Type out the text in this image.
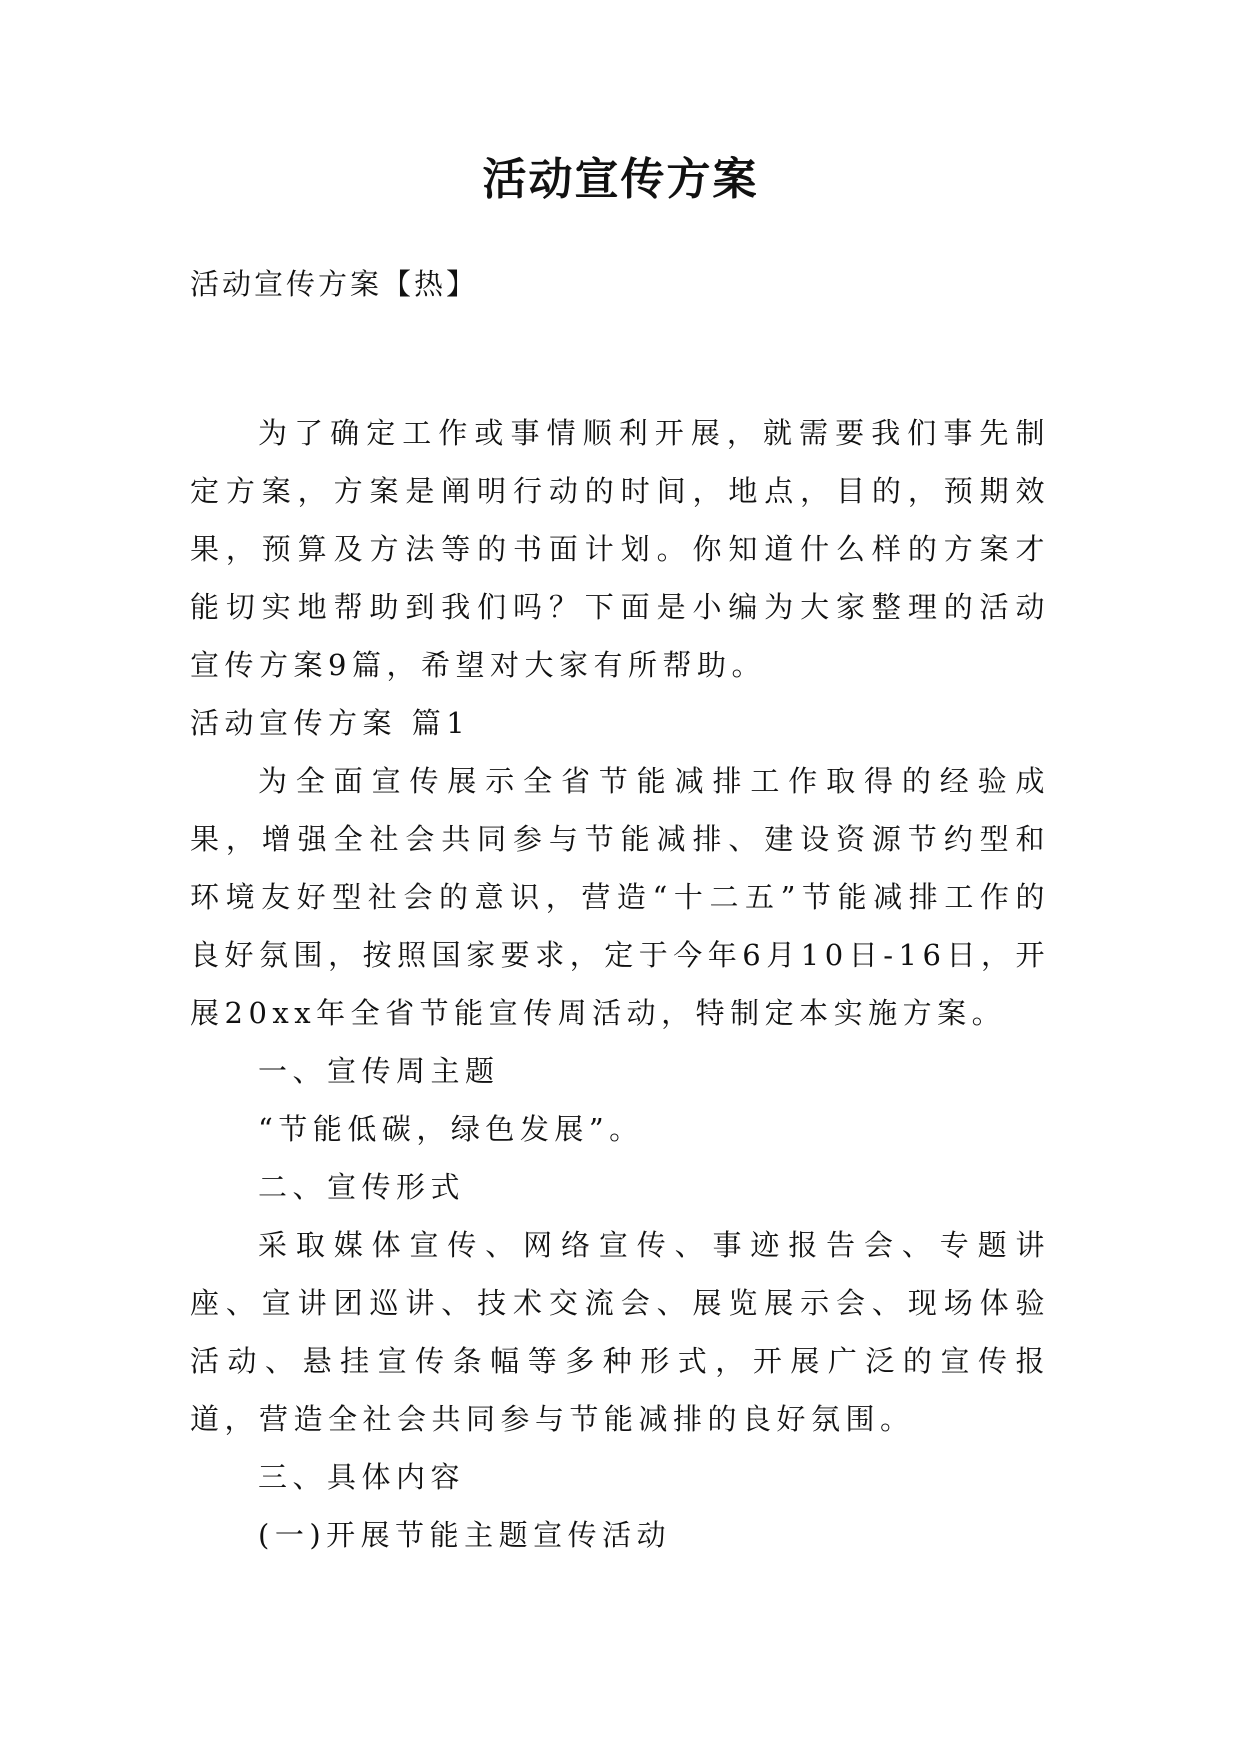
活动宣传方案
活动宣传方案【热】

为了确定工作或事情顺利开展，就需要我们事先制定方案，方案是阐明行动的时间，地点，目的，预期效果，预算及方法等的书面计划。你知道什么样的方案才能切实地帮助到我们吗？下面是小编为大家整理的活动宣传方案9篇，希望对大家有所帮助。

活动宣传方案 篇1

为全面宣传展示全省节能减排工作取得的经验成果，增强全社会共同参与节能减排、建设资源节约型和环境友好型社会的意识，营造“十二五”节能减排工作的良好氛围，按照国家要求，定于今年6月10日-16日，开展20xx年全省节能宣传周活动，特制定本实施方案。

一、宣传周主题

“节能低碳，绿色发展”。

二、宣传形式

采取媒体宣传、网络宣传、事迹报告会、专题讲座、宣讲团巡讲、技术交流会、展览展示会、现场体验活动、悬挂宣传条幅等多种形式，开展广泛的宣传报道，营造全社会共同参与节能减排的良好氛围。

三、具体内容

(一)开展节能主题宣传活动
